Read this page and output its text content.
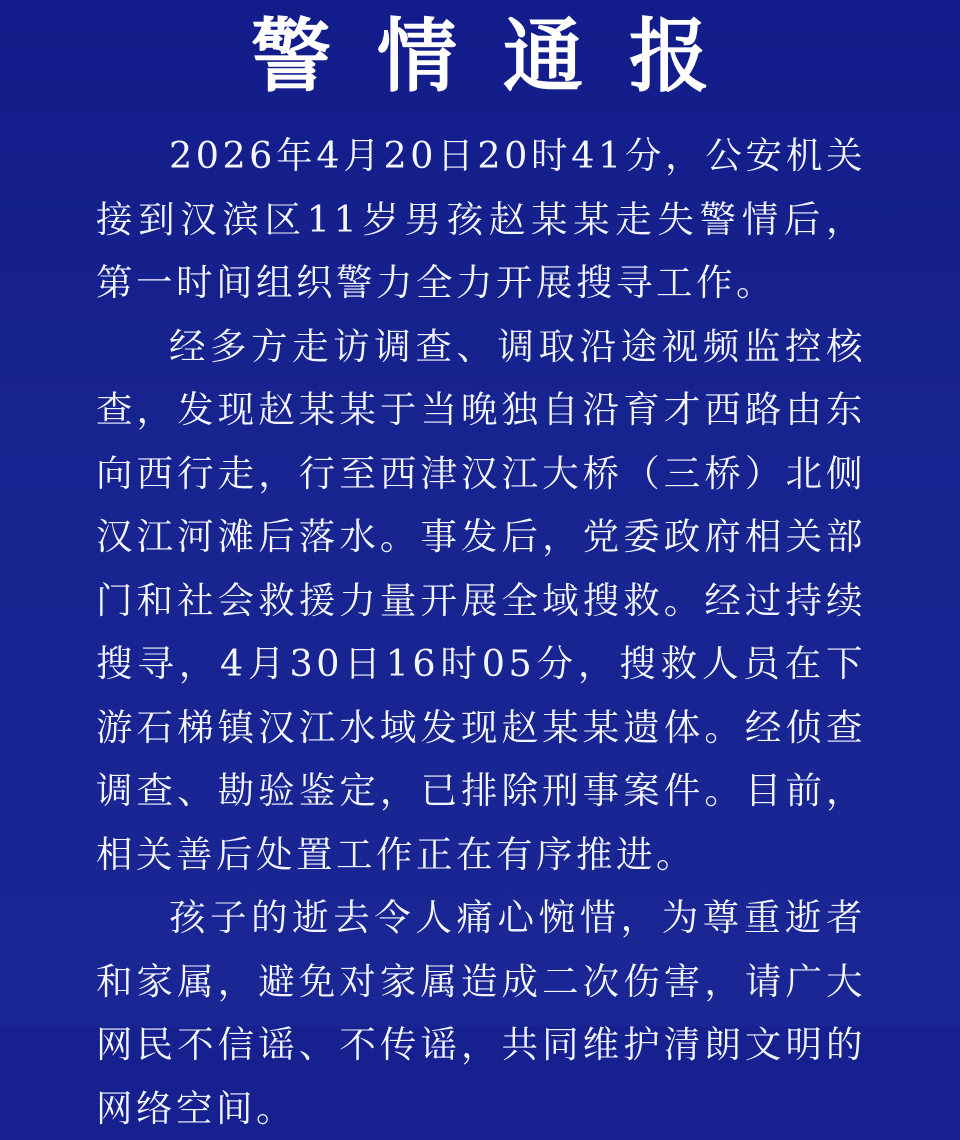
警情通报

2026年4月20日20时41分，公安机关接到汉滨区11岁男孩赵某某走失警情后，第一时间组织警力全力开展搜寻工作。

经多方走访调查、调取沿途视频监控核查，发现赵某某于当晚独自沿育才西路由东向西行走，行至西津汉江大桥（三桥）北侧汉江河滩后落水。事发后，党委政府相关部门和社会救援力量开展全域搜救。经过持续搜寻，4月30日16时05分，搜救人员在下游石梯镇汉江水域发现赵某某遗体。经侦查调查、勘验鉴定，已排除刑事案件。目前，相关善后处置工作正在有序推进。

孩子的逝去令人痛心惋惜，为尊重逝者和家属，避免对家属造成二次伤害，请广大网民不信谣、不传谣，共同维护清朗文明的网络空间。
